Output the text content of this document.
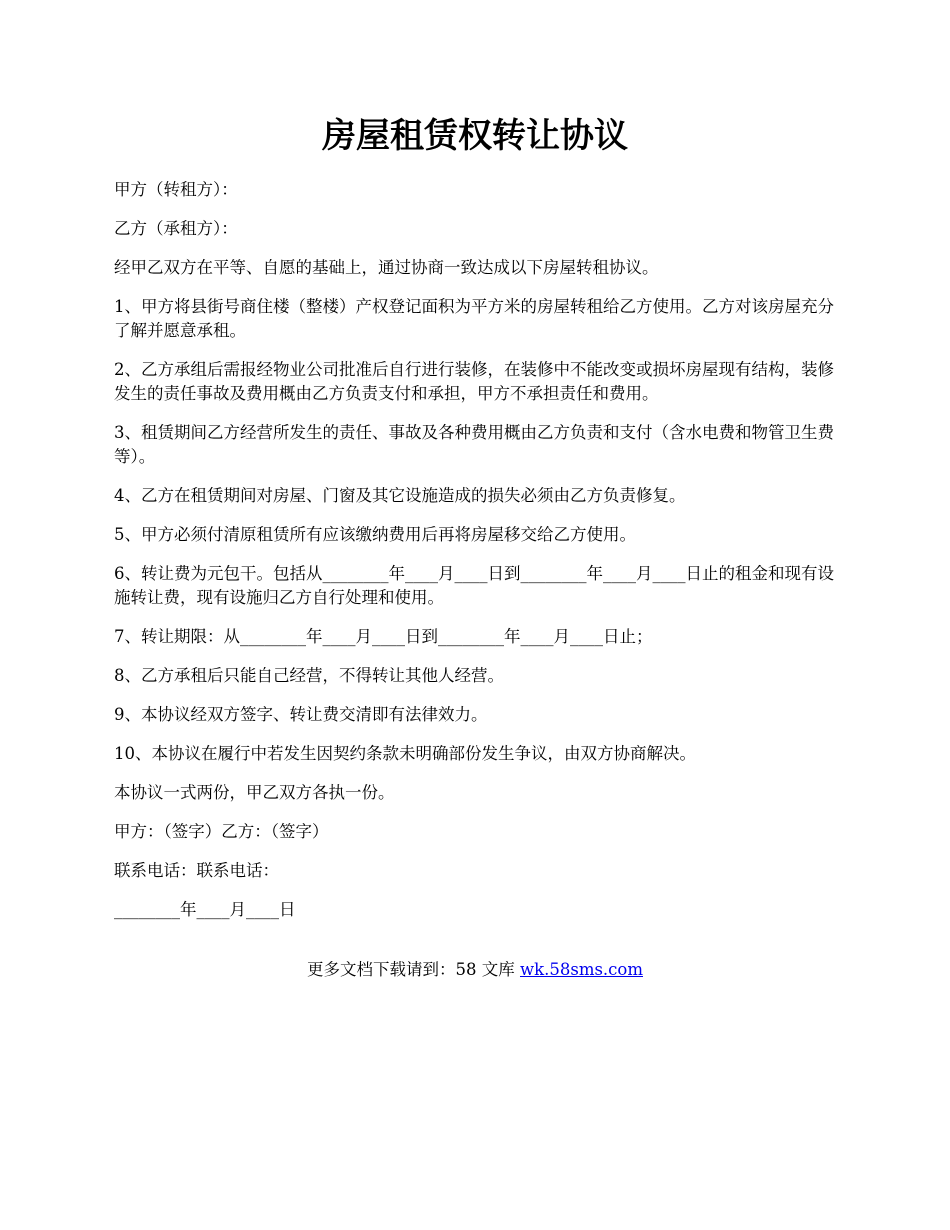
房屋租赁权转让协议

甲方（转租方）：

乙方（承租方）：

经甲乙双方在平等、自愿的基础上，通过协商一致达成以下房屋转租协议。

1、甲方将县街号商住楼（整楼）产权登记面积为平方米的房屋转租给乙方使用。乙方对该房屋充分了解并愿意承租。

2、乙方承组后需报经物业公司批准后自行进行装修，在装修中不能改变或损坏房屋现有结构，装修发生的责任事故及费用概由乙方负责支付和承担，甲方不承担责任和费用。

3、租赁期间乙方经营所发生的责任、事故及各种费用概由乙方负责和支付（含水电费和物管卫生费等）。

4、乙方在租赁期间对房屋、门窗及其它设施造成的损失必须由乙方负责修复。

5、甲方必须付清原租赁所有应该缴纳费用后再将房屋移交给乙方使用。

6、转让费为元包干。包括从________年____月____日到________年____月____日止的租金和现有设施转让费，现有设施归乙方自行处理和使用。

7、转让期限：从________年____月____日到________年____月____日止；

8、乙方承租后只能自己经营，不得转让其他人经营。

9、本协议经双方签字、转让费交清即有法律效力。

10、本协议在履行中若发生因契约条款未明确部份发生争议，由双方协商解决。

本协议一式两份，甲乙双方各执一份。

甲方：（签字）乙方：（签字）

联系电话：联系电话：

________年____月____日

更多文档下载请到：58 文库 wk.58sms.com
